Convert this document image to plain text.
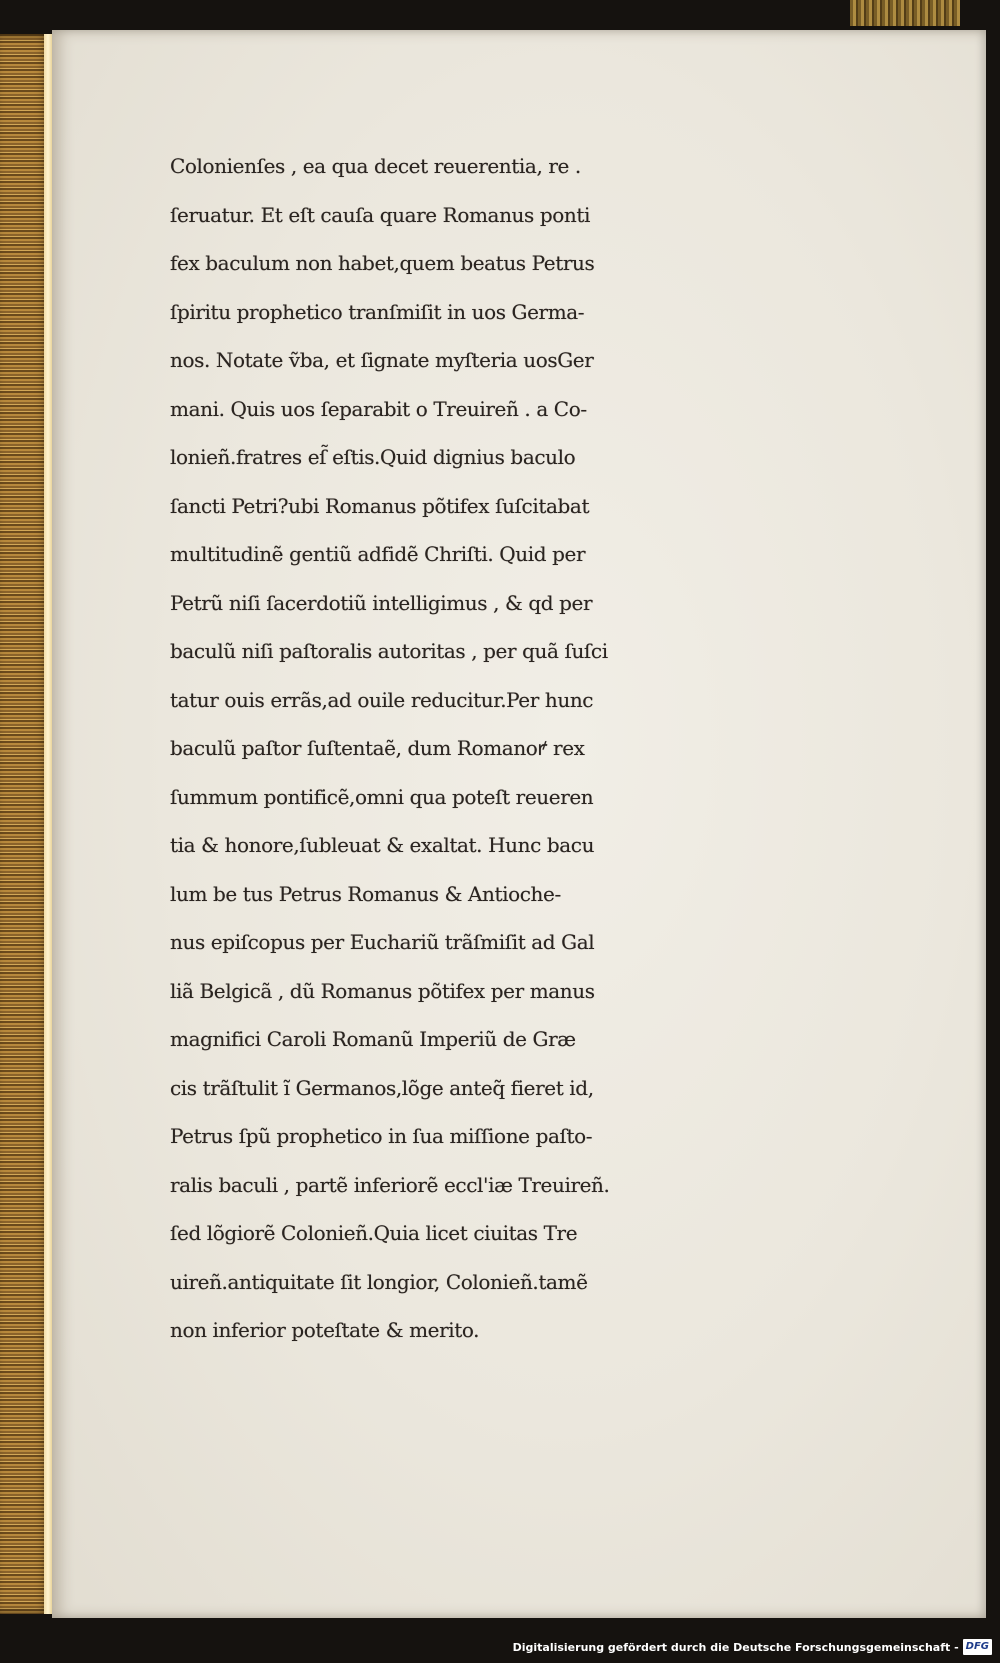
Colonienſes , ea qua decet reuerentia, re .
ſeruatur. Et eſt cauſa quare Romanus ponti
fex baculum non habet,quem beatus Petrus
ſpiritu prophetico tranſmiſit in uos Germa-
nos. Notate ṽba, et ſignate myſteria uosGer
mani. Quis uos ſeparabit o Treuireñ . a Co-
lonieñ.fratres eſ̃ eſtis.Quid dignius baculo
ſancti Petri?ubi Romanus põtifex ſuſcitabat
multitudinẽ gentiũ adfidẽ Chriſti. Quid per
Petrũ niſi ſacerdotiũ intelligimus , & qd per
baculũ niſi paſtoralis autoritas , per quã ſuſci
tatur ouis errãs,ad ouile reducitur.Per hunc
baculũ paſtor ſuſtentaẽ, dum Romanoꝵ rex
ſummum pontificẽ,omni qua poteſt reueren
tia & honore,ſubleuat & exaltat. Hunc bacu
lum be tus Petrus Romanus & Antioche-
nus epiſcopus per Euchariũ trãſmiſit ad Gal
liã Belgicã , dũ Romanus põtifex per manus
magnifici Caroli Romanũ Imperiũ de Græ
cis trãſtulit ĩ Germanos,lõge anteq̃ fieret id,
Petrus ſpũ prophetico in ſua miſſione paſto-
ralis baculi , partẽ inferiorẽ eccl'iæ Treuireñ.
ſed lõgiorẽ Colonieñ.Quia licet ciuitas Tre
uireñ.antiquitate ſit longior, Colonieñ.tamẽ
non inferior poteſtate & merito.
Digitalisierung gefördert durch die Deutsche Forschungsgemeinschaft - DFG
